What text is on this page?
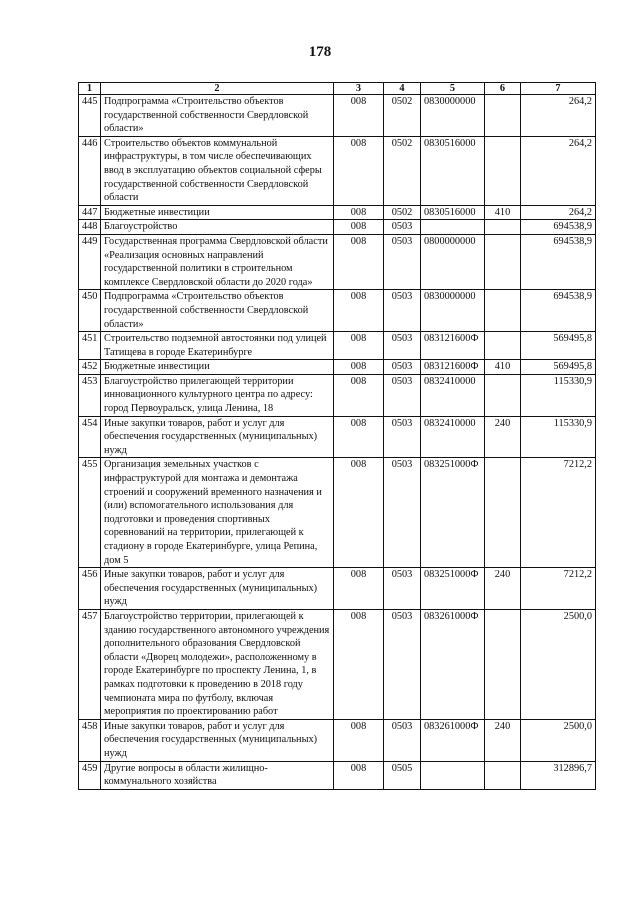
178
1	2	3	4	5	6	7
445	Подпрограмма «Строительство объектов государственной собственности Свердловской области»	008	0502	0830000000		264,2
446	Строительство объектов коммунальной инфраструктуры, в том числе обеспечивающих ввод в эксплуатацию объектов социальной сферы государственной собственности Свердловской области	008	0502	0830516000		264,2
447	Бюджетные инвестиции	008	0502	0830516000	410	264,2
448	Благоустройство	008	0503			694538,9
449	Государственная программа Свердловской области «Реализация основных направлений государственной политики в строительном комплексе Свердловской области до 2020 года»	008	0503	0800000000		694538,9
450	Подпрограмма «Строительство объектов государственной собственности Свердловской области»	008	0503	0830000000		694538,9
451	Строительство подземной автостоянки под улицей Татищева в городе Екатеринбурге	008	0503	083121600Ф		569495,8
452	Бюджетные инвестиции	008	0503	083121600Ф	410	569495,8
453	Благоустройство прилегающей территории инновационного культурного центра по адресу: город Первоуральск, улица Ленина, 18	008	0503	0832410000		115330,9
454	Иные закупки товаров, работ и услуг для обеспечения государственных (муниципальных) нужд	008	0503	0832410000	240	115330,9
455	Организация земельных участков с инфраструктурой для монтажа и демонтажа строений и сооружений временного назначения и (или) вспомогательного использования для подготовки и проведения спортивных соревнований на территории, прилегающей к стадиону в городе Екатеринбурге, улица Репина, дом 5	008	0503	083251000Ф		7212,2
456	Иные закупки товаров, работ и услуг для обеспечения государственных (муниципальных) нужд	008	0503	083251000Ф	240	7212,2
457	Благоустройство территории, прилегающей к зданию государственного автономного учреждения дополнительного образования Свердловской области «Дворец молодежи», расположенному в городе Екатеринбурге по проспекту Ленина, 1, в рамках подготовки к проведению в 2018 году чемпионата мира по футболу, включая мероприятия по проектированию работ	008	0503	083261000Ф		2500,0
458	Иные закупки товаров, работ и услуг для обеспечения государственных (муниципальных) нужд	008	0503	083261000Ф	240	2500,0
459	Другие вопросы в области жилищно-коммунального хозяйства	008	0505			312896,7
